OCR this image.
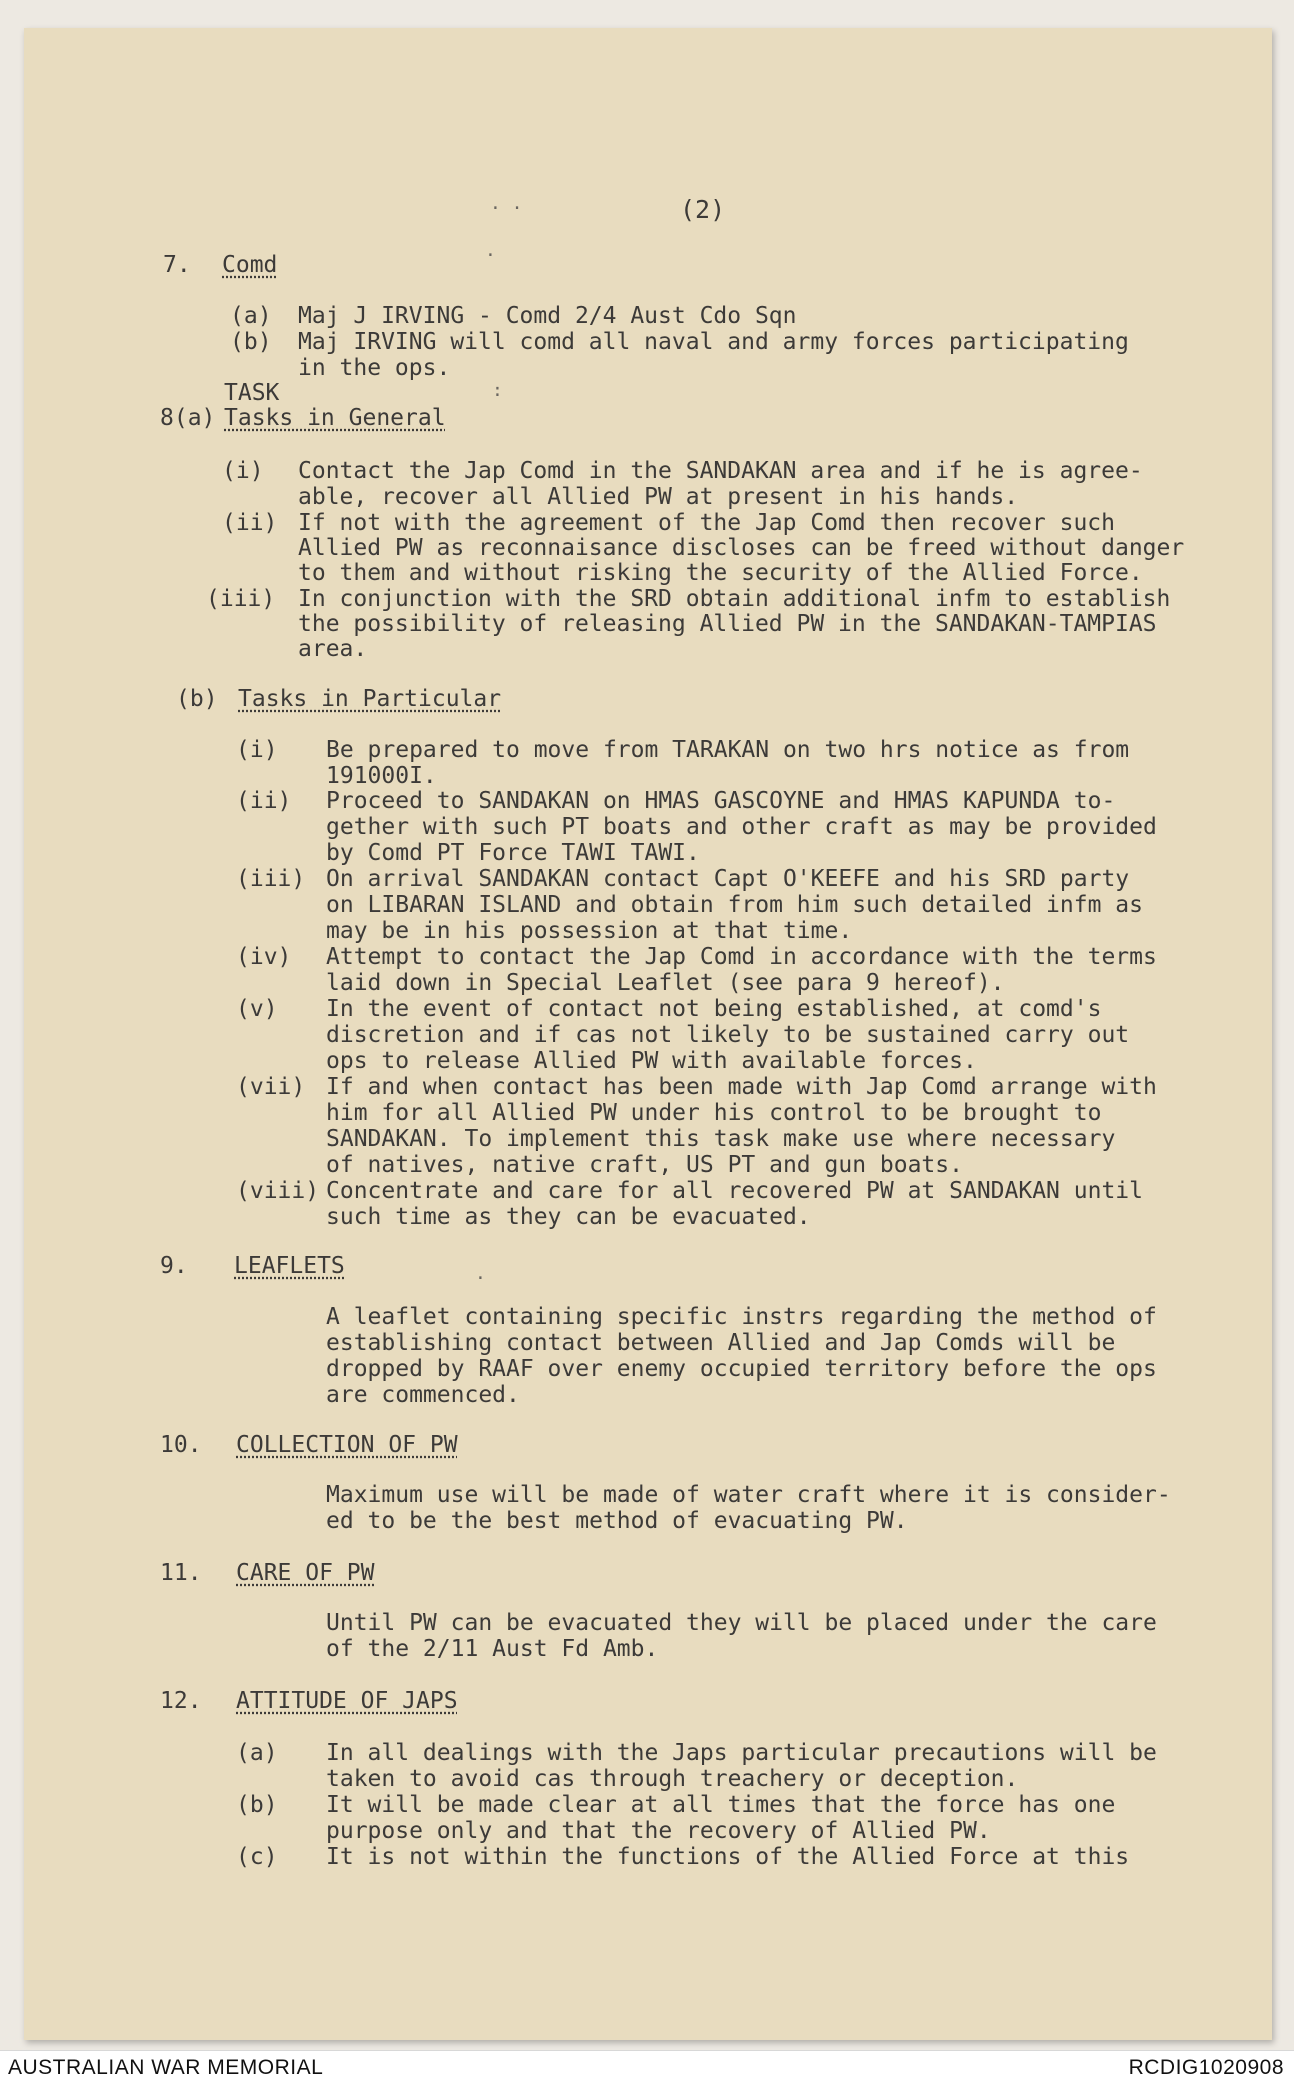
· ·
·
:
·
(2)
7. Comd
(a) Maj J IRVING - Comd 2/4 Aust Cdo Sqn
(b) Maj IRVING will comd all naval and army forces participating
in the ops.
TASK
8(a) Tasks in General
(i) Contact the Jap Comd in the SANDAKAN area and if he is agree-
able, recover all Allied PW at present in his hands.
(ii) If not with the agreement of the Jap Comd then recover such
Allied PW as reconnaisance discloses can be freed without danger
to them and without risking the security of the Allied Force.
(iii) In conjunction with the SRD obtain additional infm to establish
the possibility of releasing Allied PW in the SANDAKAN-TAMPIAS
area.
(b) Tasks in Particular
(i) Be prepared to move from TARAKAN on two hrs notice as from
191000I.
(ii) Proceed to SANDAKAN on HMAS GASCOYNE and HMAS KAPUNDA to-
gether with such PT boats and other craft as may be provided
by Comd PT Force TAWI TAWI.
(iii) On arrival SANDAKAN contact Capt O'KEEFE and his SRD party
on LIBARAN ISLAND and obtain from him such detailed infm as
may be in his possession at that time.
(iv) Attempt to contact the Jap Comd in accordance with the terms
laid down in Special Leaflet (see para 9 hereof).
(v) In the event of contact not being established, at comd's
discretion and if cas not likely to be sustained carry out
ops to release Allied PW with available forces.
(vii) If and when contact has been made with Jap Comd arrange with
him for all Allied PW under his control to be brought to
SANDAKAN. To implement this task make use where necessary
of natives, native craft, US PT and gun boats.
(viii) Concentrate and care for all recovered PW at SANDAKAN until
such time as they can be evacuated.
9. LEAFLETS
A leaflet containing specific instrs regarding the method of
establishing contact between Allied and Jap Comds will be
dropped by RAAF over enemy occupied territory before the ops
are commenced.
10. COLLECTION OF PW
Maximum use will be made of water craft where it is consider-
ed to be the best method of evacuating PW.
11. CARE OF PW
Until PW can be evacuated they will be placed under the care
of the 2/11 Aust Fd Amb.
12. ATTITUDE OF JAPS
(a) In all dealings with the Japs particular precautions will be
taken to avoid cas through treachery or deception.
(b) It will be made clear at all times that the force has one
purpose only and that the recovery of Allied PW.
(c) It is not within the functions of the Allied Force at this
AUSTRALIAN WAR MEMORIAL	RCDIG1020908
